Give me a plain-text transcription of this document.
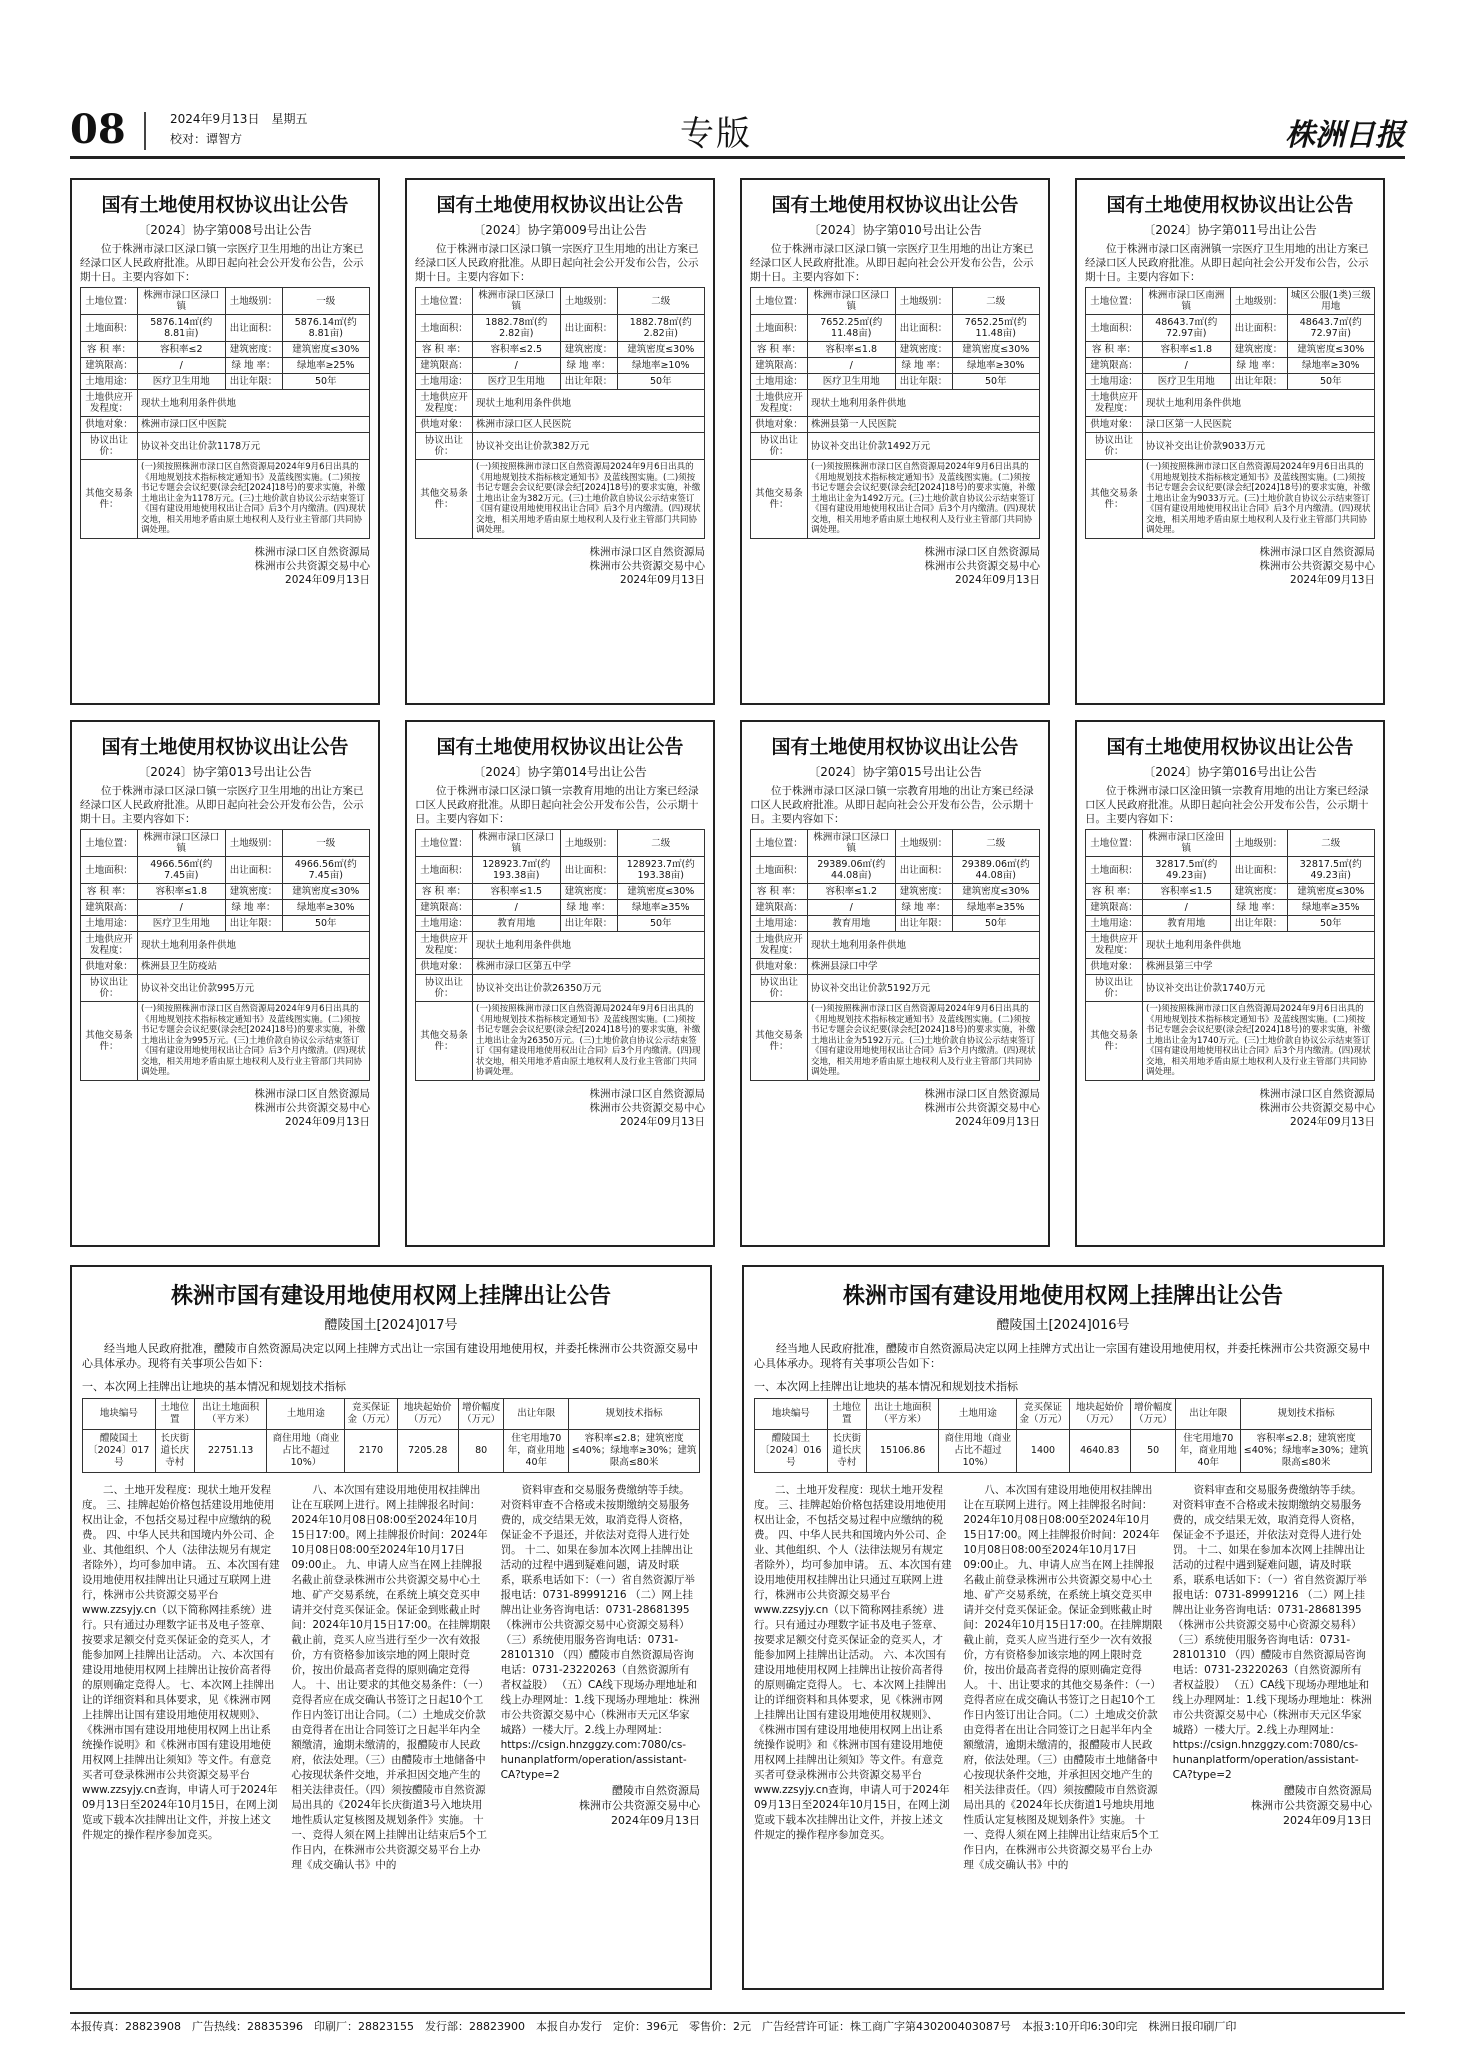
08	2024年9月13日　星期五
校对：谭智方	专版	株洲日报
国有土地使用权协议出让公告
〔2024〕协字第008号出让公告
位于株洲市渌口区渌口镇一宗医疗卫生用地的出让方案已经渌口区人民政府批准。从即日起向社会公开发布公告，公示期十日。主要内容如下：
土地位置：	株洲市渌口区渌口镇	土地级别：	一级
土地面积：	5876.14㎡(约8.81亩)	出让面积：	5876.14㎡(约8.81亩)
容 积 率：	容积率≤2	建筑密度：	建筑密度≤30%
建筑限高：	/	绿 地 率：	绿地率≥25%
土地用途：	医疗卫生用地	出让年限：	50年
土地供应开发程度：	现状土地利用条件供地		
供地对象：	株洲市渌口区中医院		
协议出让价：	协议补交出让价款1178万元		
其他交易条件：	(一)须按照株洲市渌口区自然资源局2024年9月6日出具的《用地规划技术指标核定通知书》及蓝线图实施。(二)须按书记专题会会议纪要(渌会纪[2024]18号)的要求实施，补缴土地出让金为1178万元。(三)土地价款自协议公示结束签订《国有建设用地使用权出让合同》后3个月内缴清。(四)现状交地，相关用地矛盾由原土地权利人及行业主管部门共同协调处理。		
株洲市渌口区自然资源局
株洲市公共资源交易中心
2024年09月13日
国有土地使用权协议出让公告
〔2024〕协字第009号出让公告
位于株洲市渌口区渌口镇一宗医疗卫生用地的出让方案已经渌口区人民政府批准。从即日起向社会公开发布公告，公示期十日。主要内容如下：
土地位置：	株洲市渌口区渌口镇	土地级别：	二级
土地面积：	1882.78㎡(约2.82亩)	出让面积：	1882.78㎡(约2.82亩)
容 积 率：	容积率≤2.5	建筑密度：	建筑密度≤30%
建筑限高：	/	绿 地 率：	绿地率≥10%
土地用途：	医疗卫生用地	出让年限：	50年
土地供应开发程度：	现状土地利用条件供地		
供地对象：	株洲市渌口区人民医院		
协议出让价：	协议补交出让价款382万元		
其他交易条件：	(一)须按照株洲市渌口区自然资源局2024年9月6日出具的《用地规划技术指标核定通知书》及蓝线图实施。(二)须按书记专题会会议纪要(渌会纪[2024]18号)的要求实施，补缴土地出让金为382万元。(三)土地价款自协议公示结束签订《国有建设用地使用权出让合同》后3个月内缴清。(四)现状交地，相关用地矛盾由原土地权利人及行业主管部门共同协调处理。		
株洲市渌口区自然资源局
株洲市公共资源交易中心
2024年09月13日
国有土地使用权协议出让公告
〔2024〕协字第010号出让公告
位于株洲市渌口区渌口镇一宗医疗卫生用地的出让方案已经渌口区人民政府批准。从即日起向社会公开发布公告，公示期十日。主要内容如下：
土地位置：	株洲市渌口区渌口镇	土地级别：	二级
土地面积：	7652.25㎡(约11.48亩)	出让面积：	7652.25㎡(约11.48亩)
容 积 率：	容积率≤1.8	建筑密度：	建筑密度≤30%
建筑限高：	/	绿 地 率：	绿地率≥30%
土地用途：	医疗卫生用地	出让年限：	50年
土地供应开发程度：	现状土地利用条件供地		
供地对象：	株洲县第一人民医院		
协议出让价：	协议补交出让价款1492万元		
其他交易条件：	(一)须按照株洲市渌口区自然资源局2024年9月6日出具的《用地规划技术指标核定通知书》及蓝线图实施。(二)须按书记专题会会议纪要(渌会纪[2024]18号)的要求实施，补缴土地出让金为1492万元。(三)土地价款自协议公示结束签订《国有建设用地使用权出让合同》后3个月内缴清。(四)现状交地，相关用地矛盾由原土地权利人及行业主管部门共同协调处理。		
株洲市渌口区自然资源局
株洲市公共资源交易中心
2024年09月13日
国有土地使用权协议出让公告
〔2024〕协字第011号出让公告
位于株洲市渌口区南洲镇一宗医疗卫生用地的出让方案已经渌口区人民政府批准。从即日起向社会公开发布公告，公示期十日。主要内容如下：
土地位置：	株洲市渌口区南洲镇	土地级别：	城区公服(1类)三级用地
土地面积：	48643.7㎡(约72.97亩)	出让面积：	48643.7㎡(约72.97亩)
容 积 率：	容积率≤1.8	建筑密度：	建筑密度≤30%
建筑限高：	/	绿 地 率：	绿地率≥30%
土地用途：	医疗卫生用地	出让年限：	50年
土地供应开发程度：	现状土地利用条件供地		
供地对象：	渌口区第一人民医院		
协议出让价：	协议补交出让价款9033万元		
其他交易条件：	(一)须按照株洲市渌口区自然资源局2024年9月6日出具的《用地规划技术指标核定通知书》及蓝线图实施。(二)须按书记专题会会议纪要(渌会纪[2024]18号)的要求实施，补缴土地出让金为9033万元。(三)土地价款自协议公示结束签订《国有建设用地使用权出让合同》后3个月内缴清。(四)现状交地，相关用地矛盾由原土地权利人及行业主管部门共同协调处理。		
株洲市渌口区自然资源局
株洲市公共资源交易中心
2024年09月13日
国有土地使用权协议出让公告
〔2024〕协字第013号出让公告
位于株洲市渌口区渌口镇一宗医疗卫生用地的出让方案已经渌口区人民政府批准。从即日起向社会公开发布公告，公示期十日。主要内容如下：
土地位置：	株洲市渌口区渌口镇	土地级别：	一级
土地面积：	4966.56㎡(约7.45亩)	出让面积：	4966.56㎡(约7.45亩)
容 积 率：	容积率≤1.8	建筑密度：	建筑密度≤30%
建筑限高：	/	绿 地 率：	绿地率≥30%
土地用途：	医疗卫生用地	出让年限：	50年
土地供应开发程度：	现状土地利用条件供地		
供地对象：	株洲县卫生防疫站		
协议出让价：	协议补交出让价款995万元		
其他交易条件：	(一)须按照株洲市渌口区自然资源局2024年9月6日出具的《用地规划技术指标核定通知书》及蓝线图实施。(二)须按书记专题会会议纪要(渌会纪[2024]18号)的要求实施，补缴土地出让金为995万元。(三)土地价款自协议公示结束签订《国有建设用地使用权出让合同》后3个月内缴清。(四)现状交地，相关用地矛盾由原土地权利人及行业主管部门共同协调处理。		
株洲市渌口区自然资源局
株洲市公共资源交易中心
2024年09月13日
国有土地使用权协议出让公告
〔2024〕协字第014号出让公告
位于株洲市渌口区渌口镇一宗教育用地的出让方案已经渌口区人民政府批准。从即日起向社会公开发布公告，公示期十日。主要内容如下：
土地位置：	株洲市渌口区渌口镇	土地级别：	二级
土地面积：	128923.7㎡(约193.38亩)	出让面积：	128923.7㎡(约193.38亩)
容 积 率：	容积率≤1.5	建筑密度：	建筑密度≤30%
建筑限高：	/	绿 地 率：	绿地率≥35%
土地用途：	教育用地	出让年限：	50年
土地供应开发程度：	现状土地利用条件供地		
供地对象：	株洲市渌口区第五中学		
协议出让价：	协议补交出让价款26350万元		
其他交易条件：	(一)须按照株洲市渌口区自然资源局2024年9月6日出具的《用地规划技术指标核定通知书》及蓝线图实施。(二)须按书记专题会会议纪要(渌会纪[2024]18号)的要求实施，补缴土地出让金为26350万元。(三)土地价款自协议公示结束签订《国有建设用地使用权出让合同》后3个月内缴清。(四)现状交地，相关用地矛盾由原土地权利人及行业主管部门共同协调处理。		
株洲市渌口区自然资源局
株洲市公共资源交易中心
2024年09月13日
国有土地使用权协议出让公告
〔2024〕协字第015号出让公告
位于株洲市渌口区渌口镇一宗教育用地的出让方案已经渌口区人民政府批准。从即日起向社会公开发布公告，公示期十日。主要内容如下：
土地位置：	株洲市渌口区渌口镇	土地级别：	二级
土地面积：	29389.06㎡(约44.08亩)	出让面积：	29389.06㎡(约44.08亩)
容 积 率：	容积率≤1.2	建筑密度：	建筑密度≤30%
建筑限高：	/	绿 地 率：	绿地率≥35%
土地用途：	教育用地	出让年限：	50年
土地供应开发程度：	现状土地利用条件供地		
供地对象：	株洲县渌口中学		
协议出让价：	协议补交出让价款5192万元		
其他交易条件：	(一)须按照株洲市渌口区自然资源局2024年9月6日出具的《用地规划技术指标核定通知书》及蓝线图实施。(二)须按书记专题会会议纪要(渌会纪[2024]18号)的要求实施，补缴土地出让金为5192万元。(三)土地价款自协议公示结束签订《国有建设用地使用权出让合同》后3个月内缴清。(四)现状交地，相关用地矛盾由原土地权利人及行业主管部门共同协调处理。		
株洲市渌口区自然资源局
株洲市公共资源交易中心
2024年09月13日
国有土地使用权协议出让公告
〔2024〕协字第016号出让公告
位于株洲市渌口区淦田镇一宗教育用地的出让方案已经渌口区人民政府批准。从即日起向社会公开发布公告，公示期十日。主要内容如下：
土地位置：	株洲市渌口区淦田镇	土地级别：	二级
土地面积：	32817.5㎡(约49.23亩)	出让面积：	32817.5㎡(约49.23亩)
容 积 率：	容积率≤1.5	建筑密度：	建筑密度≤30%
建筑限高：	/	绿 地 率：	绿地率≥35%
土地用途：	教育用地	出让年限：	50年
土地供应开发程度：	现状土地利用条件供地		
供地对象：	株洲县第三中学		
协议出让价：	协议补交出让价款1740万元		
其他交易条件：	(一)须按照株洲市渌口区自然资源局2024年9月6日出具的《用地规划技术指标核定通知书》及蓝线图实施。(二)须按书记专题会会议纪要(渌会纪[2024]18号)的要求实施，补缴土地出让金为1740万元。(三)土地价款自协议公示结束签订《国有建设用地使用权出让合同》后3个月内缴清。(四)现状交地，相关用地矛盾由原土地权利人及行业主管部门共同协调处理。		
株洲市渌口区自然资源局
株洲市公共资源交易中心
2024年09月13日
株洲市国有建设用地使用权网上挂牌出让公告
醴陵国土[2024]017号
经当地人民政府批准，醴陵市自然资源局决定以网上挂牌方式出让一宗国有建设用地使用权，并委托株洲市公共资源交易中心具体承办。现将有关事项公告如下：
一、本次网上挂牌出让地块的基本情况和规划技术指标
地块编号	土地位置	出让土地面积（平方米）	土地用途	竞买保证金（万元）	地块起始价（万元）	增价幅度（万元）	出让年限	规划技术指标
醴陵国土〔2024〕017号	长庆街道长庆寺村	22751.13	商住用地（商业占比不超过10%）	2170	7205.28	80	住宅用地70年，商业用地40年	容积率≤2.8；建筑密度≤40%；绿地率≥30%；建筑限高≤80米

二、土地开发程度：现状土地开发程度。 三、挂牌起始价格包括建设用地使用权出让金，不包括交易过程中应缴纳的税费。 四、中华人民共和国境内外公司、企业、其他组织、个人（法律法规另有规定者除外），均可参加申请。 五、本次国有建设用地使用权挂牌出让只通过互联网上进行，株洲市公共资源交易平台www.zzsyjy.cn（以下简称网挂系统）进行。只有通过办理数字证书及电子签章、按要求足额交付竞买保证金的竞买人，才能参加网上挂牌出让活动。 六、本次国有建设用地使用权网上挂牌出让按价高者得的原则确定竞得人。 七、本次网上挂牌出让的详细资料和具体要求，见《株洲市网上挂牌出让国有建设用地使用权规则》、《株洲市国有建设用地使用权网上出让系统操作说明》和《株洲市国有建设用地使用权网上挂牌出让须知》等文件。有意竞买者可登录株洲市公共资源交易平台www.zzsyjy.cn查询，申请人可于2024年09月13日至2024年10月15日，在网上浏览或下载本次挂牌出让文件，并按上述文件规定的操作程序参加竞买。

八、本次国有建设用地使用权挂牌出让在互联网上进行。网上挂牌报名时间：2024年10月08日08:00至2024年10月15日17:00。网上挂牌报价时间：2024年10月08日08:00至2024年10月17日09:00止。 九、申请人应当在网上挂牌报名截止前登录株洲市公共资源交易中心土地、矿产交易系统，在系统上填交竞买申请并交付竞买保证金。保证金到账截止时间：2024年10月15日17:00。在挂牌期限截止前，竞买人应当进行至少一次有效报价，方有资格参加该宗地的网上限时竞价，按出价最高者竞得的原则确定竞得人。 十、出让要求的其他交易条件：（一）竞得者应在成交确认书签订之日起10个工作日内签订出让合同。（二）土地成交价款由竞得者在出让合同签订之日起半年内全额缴清，逾期未缴清的，报醴陵市人民政府，依法处理。（三）由醴陵市土地储备中心按现状条件交地，并承担因交地产生的相关法律责任。（四）须按醴陵市自然资源局出具的《2024年长庆街道3号入地块用地性质认定复核图及规划条件》实施。 十一、竞得人须在网上挂牌出让结束后5个工作日内，在株洲市公共资源交易平台上办理《成交确认书》中的

资料审查和交易服务费缴纳等手续。对资料审查不合格或未按期缴纳交易服务费的，成交结果无效，取消竞得人资格，保证金不予退还，并依法对竞得人进行处罚。 十二、如果在参加本次网上挂牌出让活动的过程中遇到疑难问题，请及时联系，联系电话如下：（一）省自然资源厅举报电话：0731-89991216 （二）网上挂牌出让业务咨询电话：0731-28681395（株洲市公共资源交易中心资源交易科） （三）系统使用服务咨询电话：0731-28101310 （四）醴陵市自然资源局咨询电话：0731-23220263（自然资源所有者权益股） （五）CA线下现场办理地址和线上办理网址：1.线下现场办理地址：株洲市公共资源交易中心（株洲市天元区华家城路）一楼大厅。2.线上办理网址：https://csign.hnzggzy.com:7080/cs-hunanplatform/operation/assistant-CA?type=2

醴陵市自然资源局
株洲市公共资源交易中心
2024年09月13日
株洲市国有建设用地使用权网上挂牌出让公告
醴陵国土[2024]016号
经当地人民政府批准，醴陵市自然资源局决定以网上挂牌方式出让一宗国有建设用地使用权，并委托株洲市公共资源交易中心具体承办。现将有关事项公告如下：
一、本次网上挂牌出让地块的基本情况和规划技术指标
地块编号	土地位置	出让土地面积（平方米）	土地用途	竞买保证金（万元）	地块起始价（万元）	增价幅度（万元）	出让年限	规划技术指标
醴陵国土〔2024〕016号	长庆街道长庆寺村	15106.86	商住用地（商业占比不超过10%）	1400	4640.83	50	住宅用地70年，商业用地40年	容积率≤2.8；建筑密度≤40%；绿地率≥30%；建筑限高≤80米

二、土地开发程度：现状土地开发程度。 三、挂牌起始价格包括建设用地使用权出让金，不包括交易过程中应缴纳的税费。 四、中华人民共和国境内外公司、企业、其他组织、个人（法律法规另有规定者除外），均可参加申请。 五、本次国有建设用地使用权挂牌出让只通过互联网上进行，株洲市公共资源交易平台www.zzsyjy.cn（以下简称网挂系统）进行。只有通过办理数字证书及电子签章、按要求足额交付竞买保证金的竞买人，才能参加网上挂牌出让活动。 六、本次国有建设用地使用权网上挂牌出让按价高者得的原则确定竞得人。 七、本次网上挂牌出让的详细资料和具体要求，见《株洲市网上挂牌出让国有建设用地使用权规则》、《株洲市国有建设用地使用权网上出让系统操作说明》和《株洲市国有建设用地使用权网上挂牌出让须知》等文件。有意竞买者可登录株洲市公共资源交易平台www.zzsyjy.cn查询，申请人可于2024年09月13日至2024年10月15日，在网上浏览或下载本次挂牌出让文件，并按上述文件规定的操作程序参加竞买。

八、本次国有建设用地使用权挂牌出让在互联网上进行。网上挂牌报名时间：2024年10月08日08:00至2024年10月15日17:00。网上挂牌报价时间：2024年10月08日08:00至2024年10月17日09:00止。 九、申请人应当在网上挂牌报名截止前登录株洲市公共资源交易中心土地、矿产交易系统，在系统上填交竞买申请并交付竞买保证金。保证金到账截止时间：2024年10月15日17:00。在挂牌期限截止前，竞买人应当进行至少一次有效报价，方有资格参加该宗地的网上限时竞价，按出价最高者竞得的原则确定竞得人。 十、出让要求的其他交易条件：（一）竞得者应在成交确认书签订之日起10个工作日内签订出让合同。（二）土地成交价款由竞得者在出让合同签订之日起半年内全额缴清，逾期未缴清的，报醴陵市人民政府，依法处理。（三）由醴陵市土地储备中心按现状条件交地，并承担因交地产生的相关法律责任。（四）须按醴陵市自然资源局出具的《2024年长庆街道1号地块用地性质认定复核图及规划条件》实施。 十一、竞得人须在网上挂牌出让结束后5个工作日内，在株洲市公共资源交易平台上办理《成交确认书》中的

资料审查和交易服务费缴纳等手续。对资料审查不合格或未按期缴纳交易服务费的，成交结果无效，取消竞得人资格，保证金不予退还，并依法对竞得人进行处罚。 十二、如果在参加本次网上挂牌出让活动的过程中遇到疑难问题，请及时联系，联系电话如下：（一）省自然资源厅举报电话：0731-89991216 （二）网上挂牌出让业务咨询电话：0731-28681395（株洲市公共资源交易中心资源交易科） （三）系统使用服务咨询电话：0731-28101310 （四）醴陵市自然资源局咨询电话：0731-23220263（自然资源所有者权益股） （五）CA线下现场办理地址和线上办理网址：1.线下现场办理地址：株洲市公共资源交易中心（株洲市天元区华家城路）一楼大厅。2.线上办理网址：https://csign.hnzggzy.com:7080/cs-hunanplatform/operation/assistant-CA?type=2

醴陵市自然资源局
株洲市公共资源交易中心
2024年09月13日
本报传真：28823908　广告热线：28835396　印刷厂：28823155　发行部：28823900　本报自办发行　定价：396元　零售价：2元　广告经营许可证：株工商广字第430200403087号　本报3:10开印6:30印完　株洲日报印刷厂印
